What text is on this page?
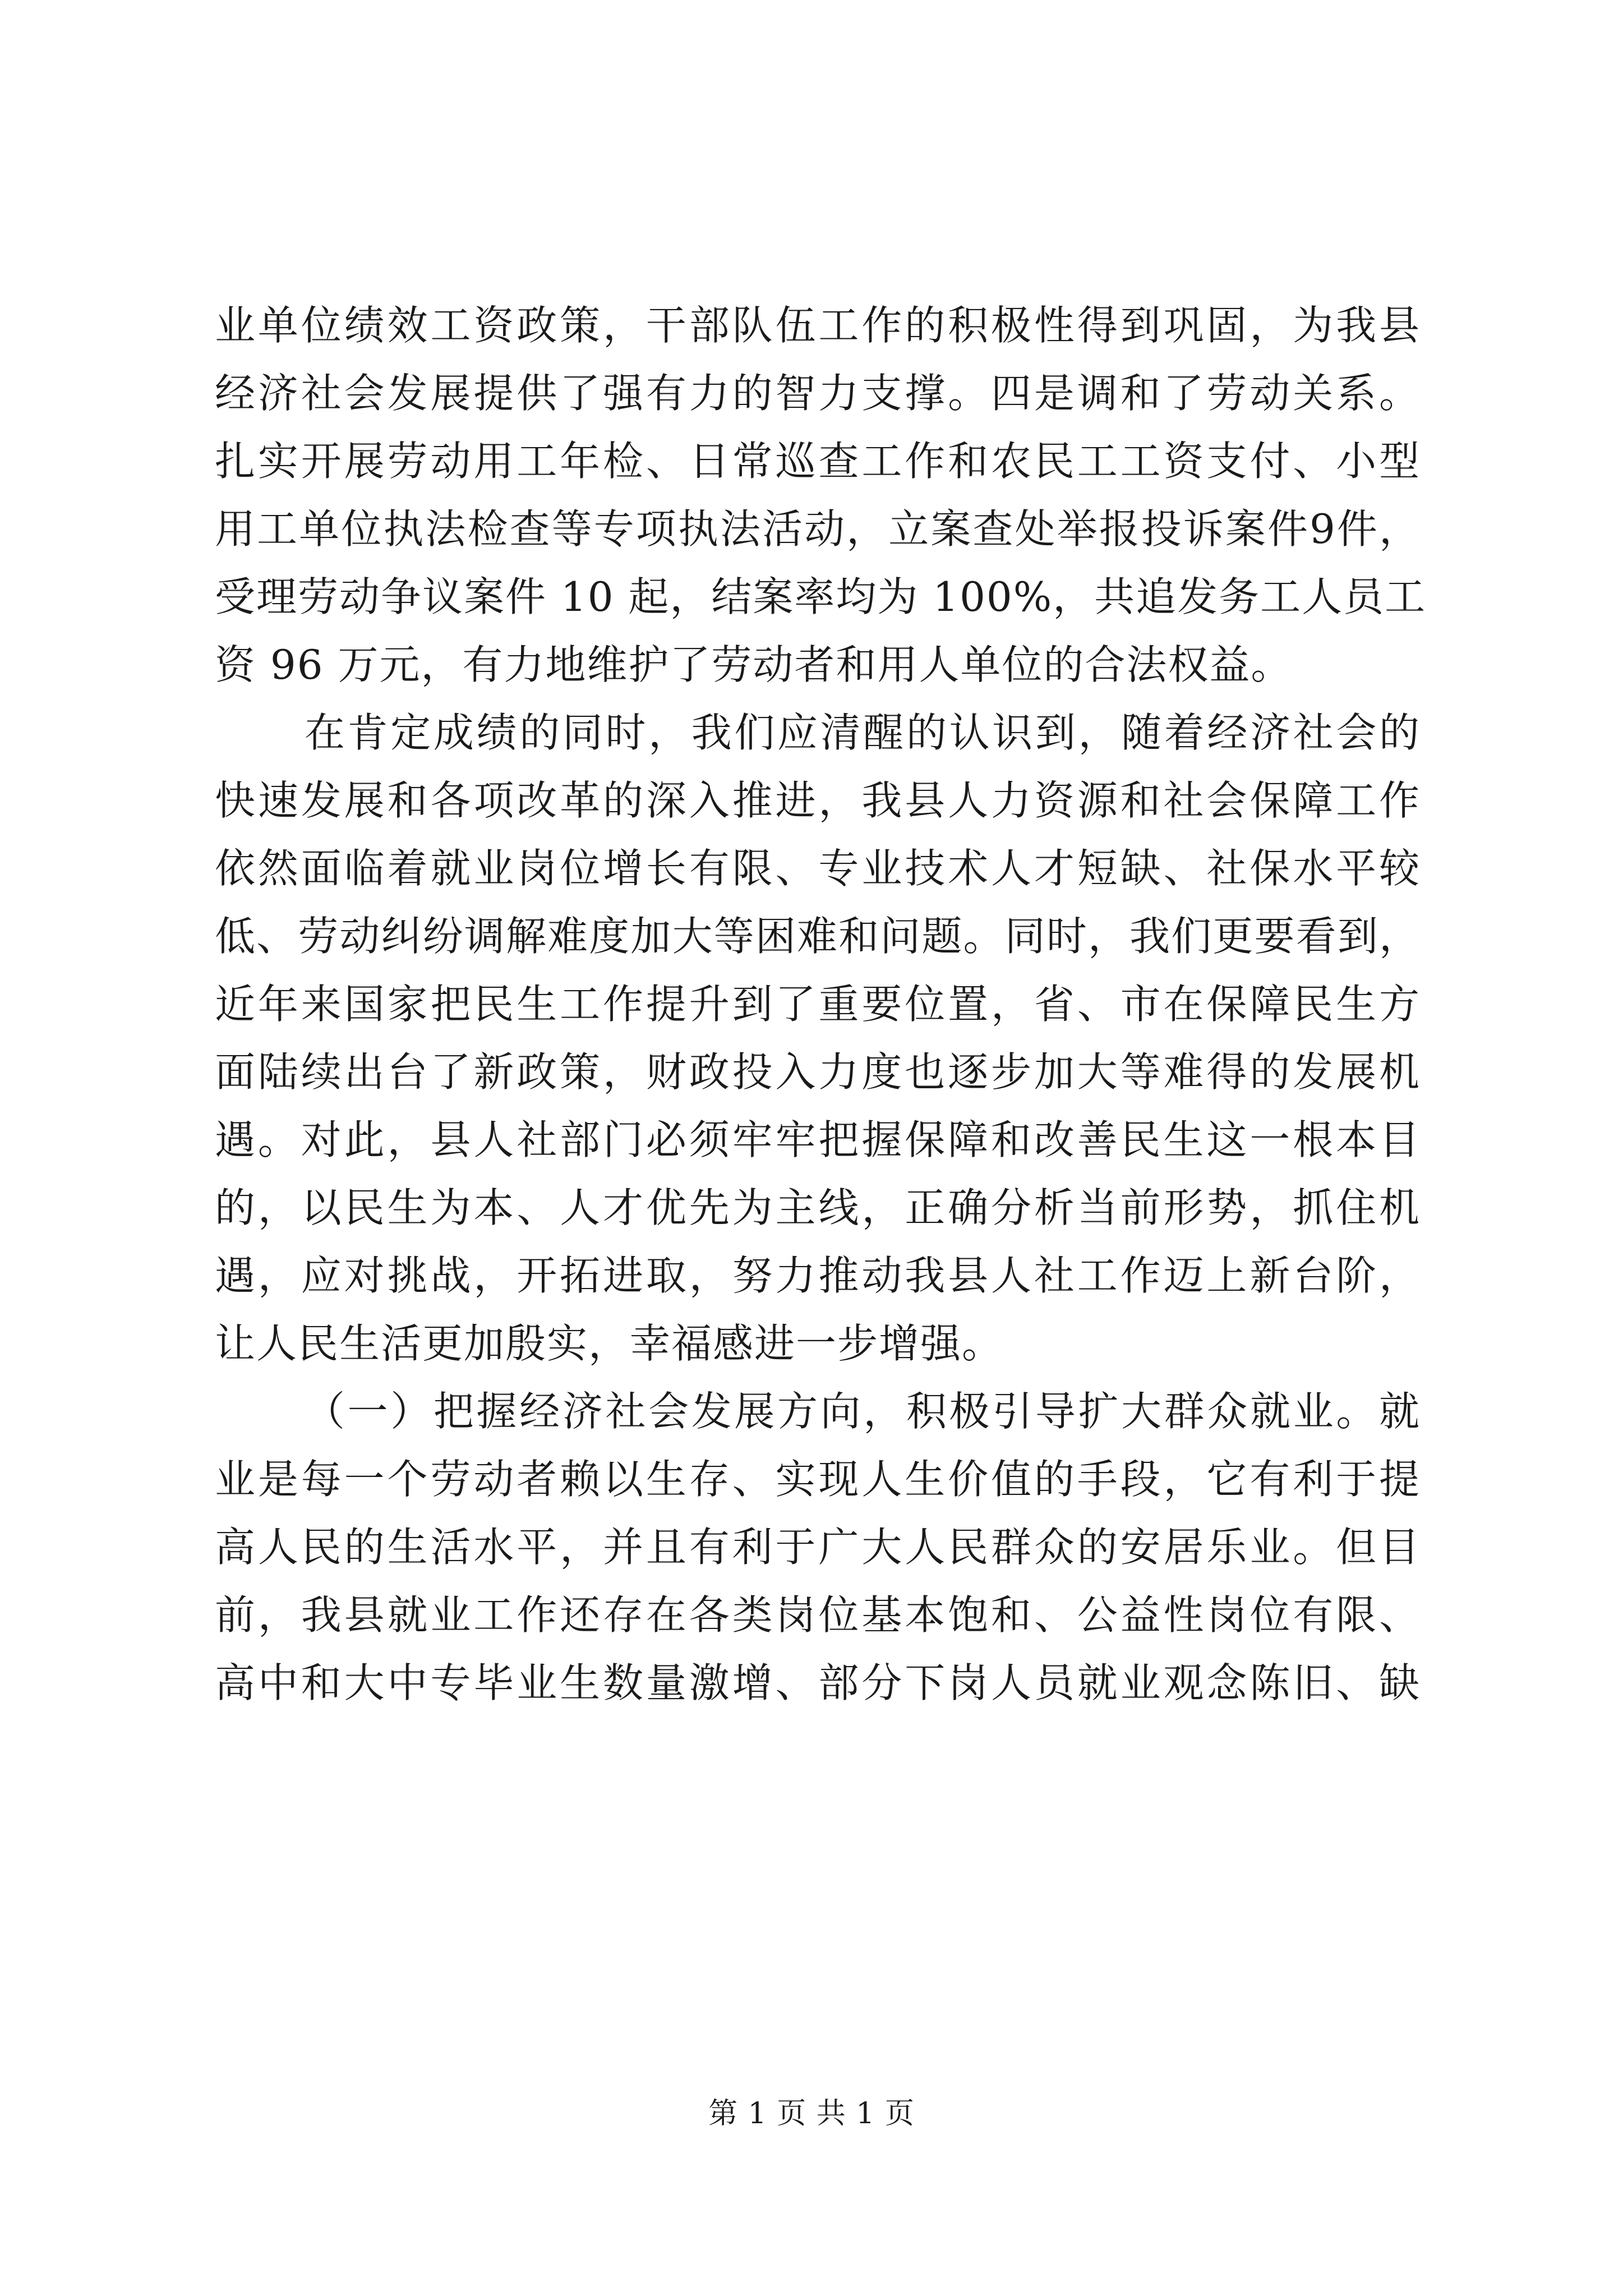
业单位绩效工资政策，干部队伍工作的积极性得到巩固，为我县
经济社会发展提供了强有力的智力支撑。四是调和了劳动关系。
扎实开展劳动用工年检、日常巡查工作和农民工工资支付、小型
用工单位执法检查等专项执法活动，立案查处举报投诉案件9件，
受理劳动争议案件 10 起，结案率均为 100%，共追发务工人员工
资 96 万元，有力地维护了劳动者和用人单位的合法权益。
在肯定成绩的同时，我们应清醒的认识到，随着经济社会的
快速发展和各项改革的深入推进，我县人力资源和社会保障工作
依然面临着就业岗位增长有限、专业技术人才短缺、社保水平较
低、劳动纠纷调解难度加大等困难和问题。同时，我们更要看到，
近年来国家把民生工作提升到了重要位置，省、市在保障民生方
面陆续出台了新政策，财政投入力度也逐步加大等难得的发展机
遇。对此，县人社部门必须牢牢把握保障和改善民生这一根本目
的，以民生为本、人才优先为主线，正确分析当前形势，抓住机
遇，应对挑战，开拓进取，努力推动我县人社工作迈上新台阶，
让人民生活更加殷实，幸福感进一步增强。
（一）把握经济社会发展方向，积极引导扩大群众就业。就
业是每一个劳动者赖以生存、实现人生价值的手段，它有利于提
高人民的生活水平，并且有利于广大人民群众的安居乐业。但目
前，我县就业工作还存在各类岗位基本饱和、公益性岗位有限、
高中和大中专毕业生数量激增、部分下岗人员就业观念陈旧、缺
第 1 页 共 1 页
